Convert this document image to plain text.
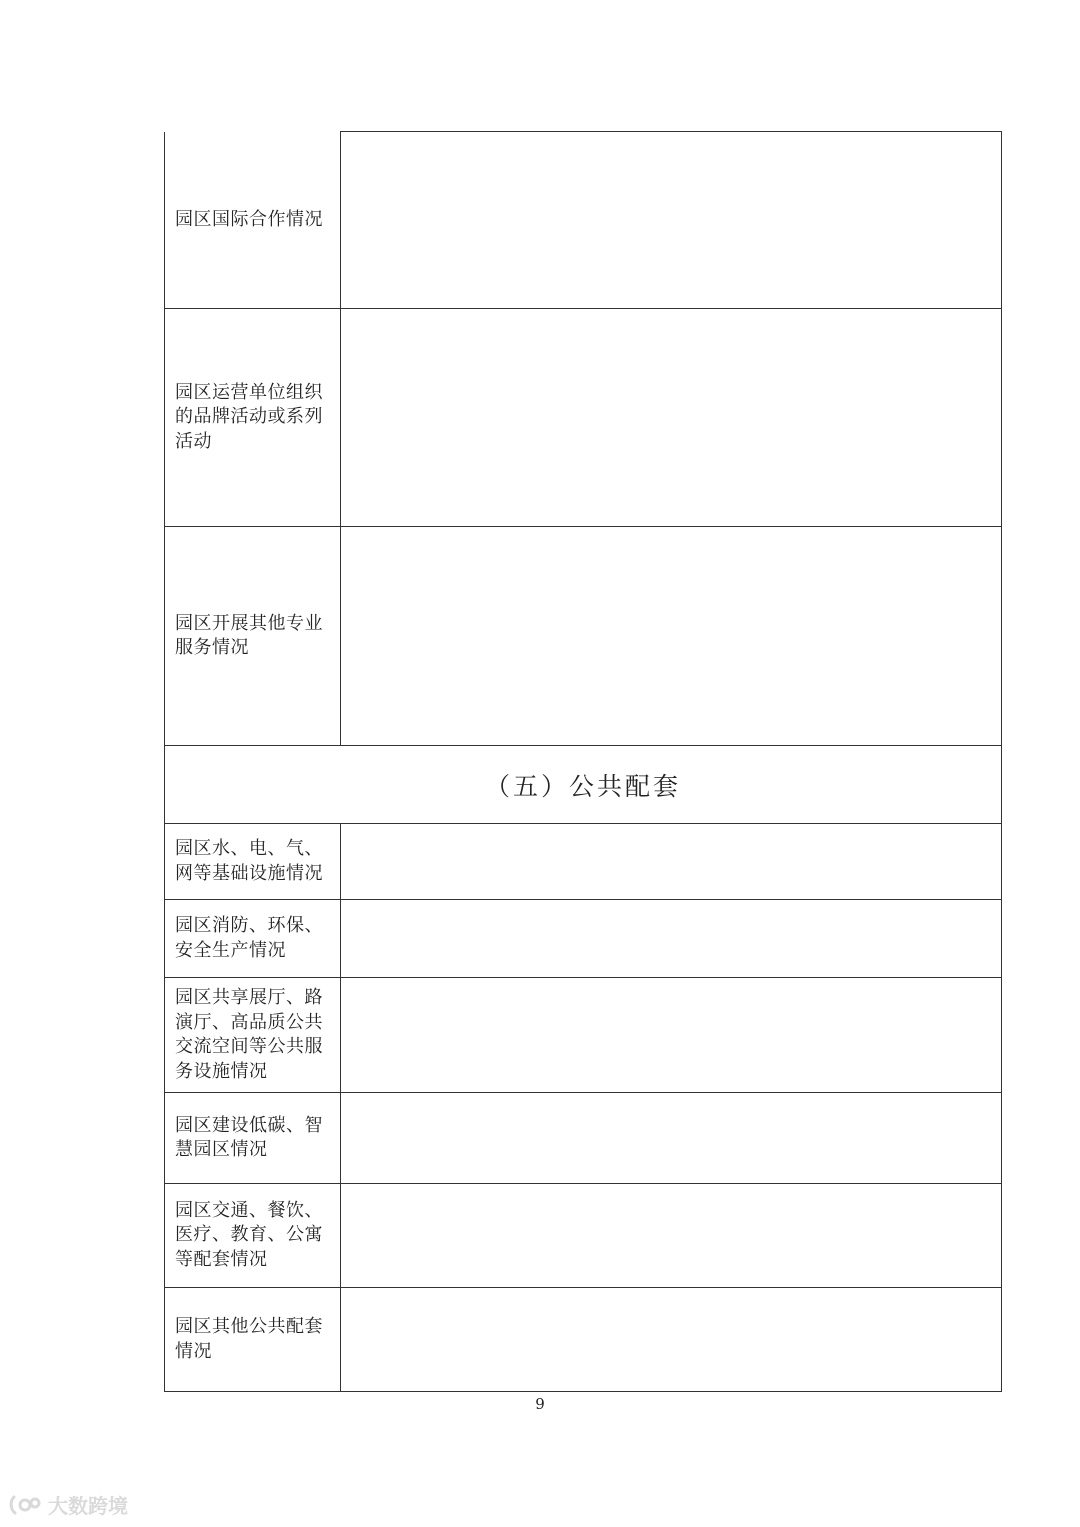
园区国际合作情况	

园区运营单位组织的品牌活动或系列活动	

园区开展其他专业服务情况	

（五）公共配套	

园区水、电、气、网等基础设施情况	

园区消防、环保、安全生产情况	

园区共享展厅、路演厅、高品质公共交流空间等公共服务设施情况	

园区建设低碳、智慧园区情况	

园区交通、餐饮、医疗、教育、公寓等配套情况	

园区其他公共配套情况	

9
大数跨境
